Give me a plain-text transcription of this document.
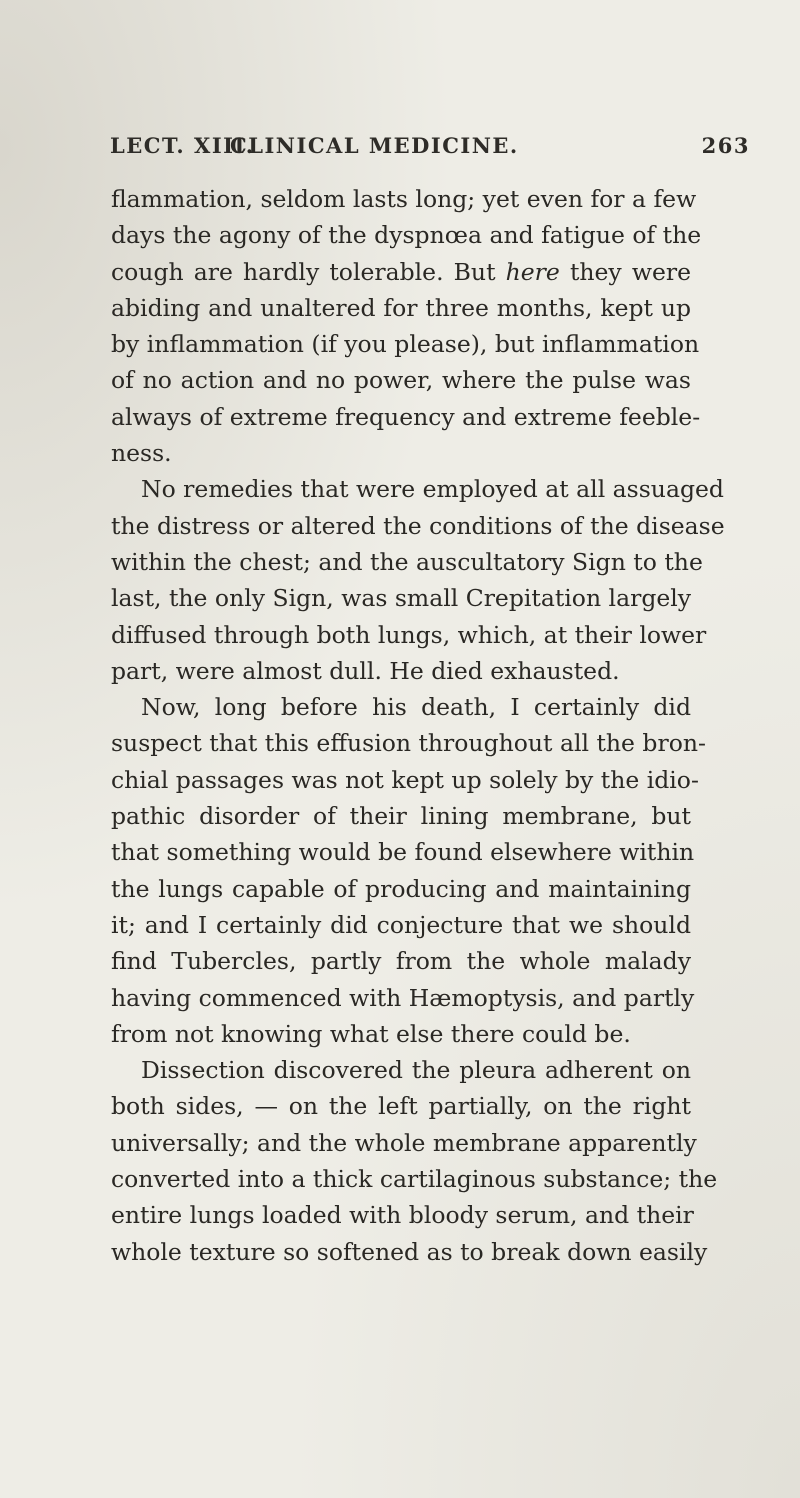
LECT. XIII.
CLINICAL MEDICINE.	263
flammation, seldom lasts long; yet even for a few
days the agony of the dyspnœa and fatigue of the
cough are hardly tolerable. But here they were
abiding and unaltered for three months, kept up
by inflammation (if you please), but inflammation
of no action and no power, where the pulse was
always of extreme frequency and extreme feeble-
ness.
No remedies that were employed at all assuaged
the distress or altered the conditions of the disease
within the chest; and the auscultatory Sign to the
last, the only Sign, was small Crepitation largely
diffused through both lungs, which, at their lower
part, were almost dull. He died exhausted.
Now, long before his death, I certainly did
suspect that this effusion throughout all the bron-
chial passages was not kept up solely by the idio-
pathic disorder of their lining membrane, but
that something would be found elsewhere within
the lungs capable of producing and maintaining
it; and I certainly did conjecture that we should
find Tubercles, partly from the whole malady
having commenced with Hæmoptysis, and partly
from not knowing what else there could be.
Dissection discovered the pleura adherent on
both sides, — on the left partially, on the right
universally; and the whole membrane apparently
converted into a thick cartilaginous substance; the
entire lungs loaded with bloody serum, and their
whole texture so softened as to break down easily
